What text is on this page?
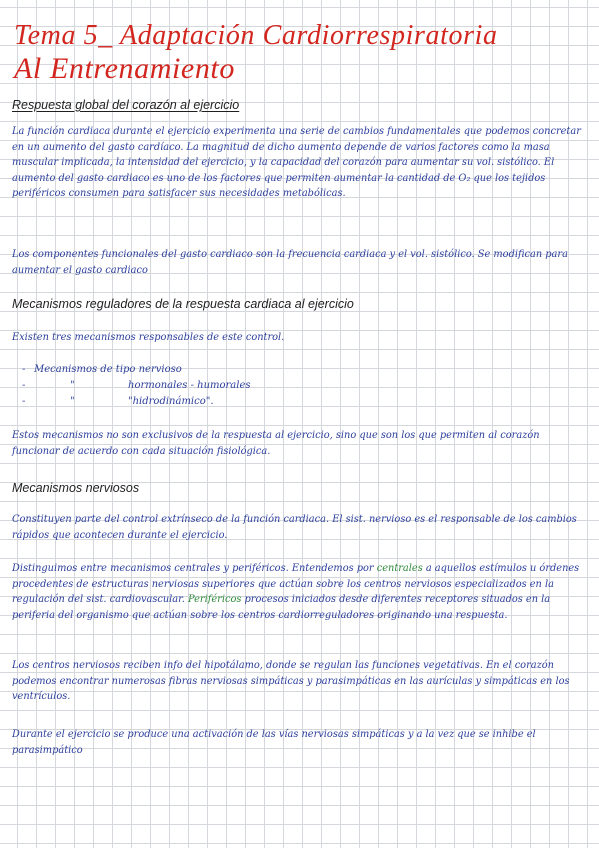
Tema 5_ Adaptación Cardiorrespiratoria
Al Entrenamiento
Respuesta global del corazón al ejercicio

La función cardiaca durante el ejercicio experimenta una serie de cambios fundamentales que podemos concretar en un aumento del gasto cardíaco. La magnitud de dicho aumento depende de varios factores como la masa muscular implicada, la intensidad del ejercicio, y la capacidad del corazón para aumentar su vol. sistólico. El aumento del gasto cardiaco es uno de los factores que permiten aumentar la cantidad de O₂ que los tejidos periféricos consumen para satisfacer sus necesidades metabólicas.

Los componentes funcionales del gasto cardiaco son la frecuencia cardiaca y el vol. sistólico. Se modifican para aumentar el gasto cardiaco

Mecanismos reguladores de la respuesta cardiaca al ejercicio

Existen tres mecanismos responsables de este control.

- Mecanismos de tipo nervioso
-	"	hormonales - humorales
-	"	"hidrodinámico".

Estos mecanismos no son exclusivos de la respuesta al ejercicio, sino que son los que permiten al corazón funcionar de acuerdo con cada situación fisiológica.

Mecanismos nerviosos

Constituyen parte del control extrínseco de la función cardiaca. El sist. nervioso es el responsable de los cambios rápidos que acontecen durante el ejercicio.

Distinguimos entre mecanismos centrales y periféricos. Entendemos por centrales a aquellos estímulos u órdenes procedentes de estructuras nerviosas superiores que actúan sobre los centros nerviosos especializados en la regulación del sist. cardiovascular. Periféricos procesos iniciados desde diferentes receptores situados en la periferia del organismo que actúan sobre los centros cardiorreguladores originando una respuesta.

Los centros nerviosos reciben info del hipotálamo, donde se regulan las funciones vegetativas. En el corazón podemos encontrar numerosas fibras nerviosas simpáticas y parasimpáticas en las aurículas y simpáticas en los ventrículos.

Durante el ejercicio se produce una activación de las vías nerviosas simpáticas y a la vez que se inhibe el parasimpático
